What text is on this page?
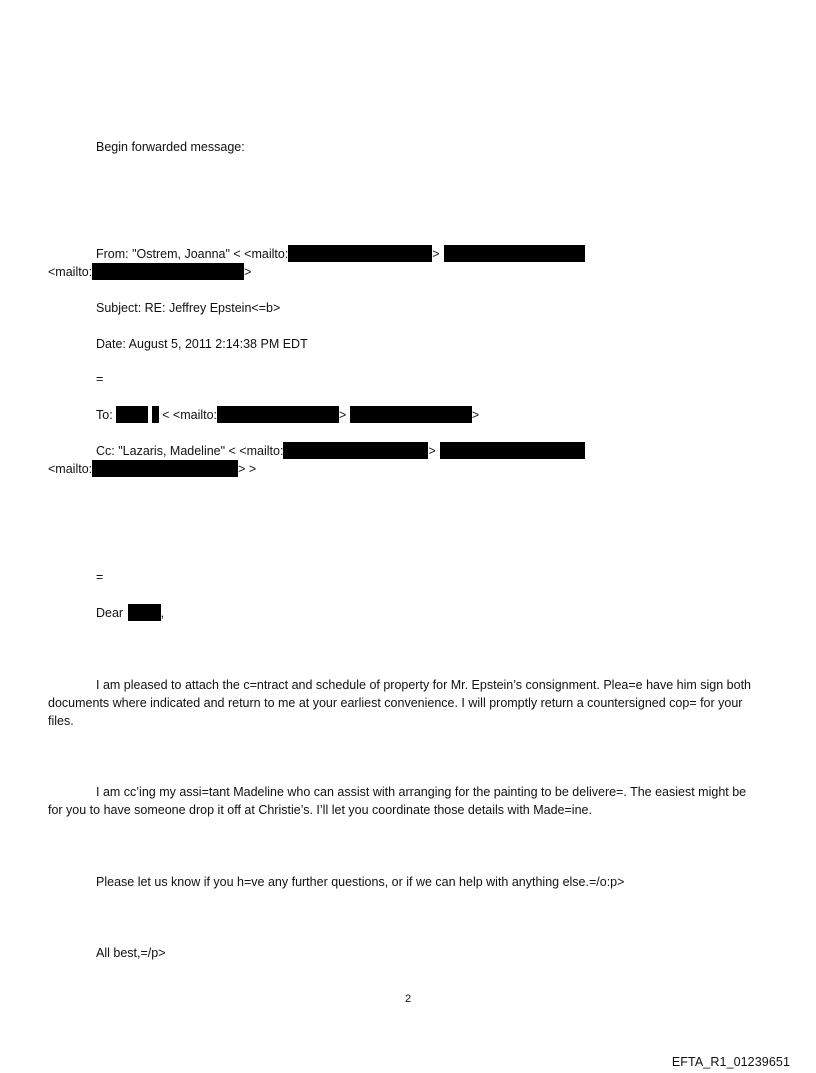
Begin forwarded message:
From: "Ostrem, Joanna" < <mailto:	>
<mailto:	>
Subject: RE: Jeffrey Epstein<=b>
Date: August 5, 2011 2:14:38 PM EDT
=
To:	< <mailto:	>	>
Cc: "Lazaris, Madeline" < <mailto:	>
<mailto:	> >
=
Dear	,

I am pleased to attach the c=ntract and schedule of property for Mr. Epstein’s consignment. Plea=e have him sign both documents where indicated and return to me at your earliest convenience. I will promptly return a countersigned cop= for your files.

I am cc’ing my assi=tant Madeline who can assist with arranging for the painting to be delivere=. The easiest might be for you to have someone drop it off at Christie’s. I’ll let you coordinate those details with Made=ine.

Please let us know if you h=ve any further questions, or if we can help with anything else.=/o:p>
All best,=/p>
2
EFTA_R1_01239651
